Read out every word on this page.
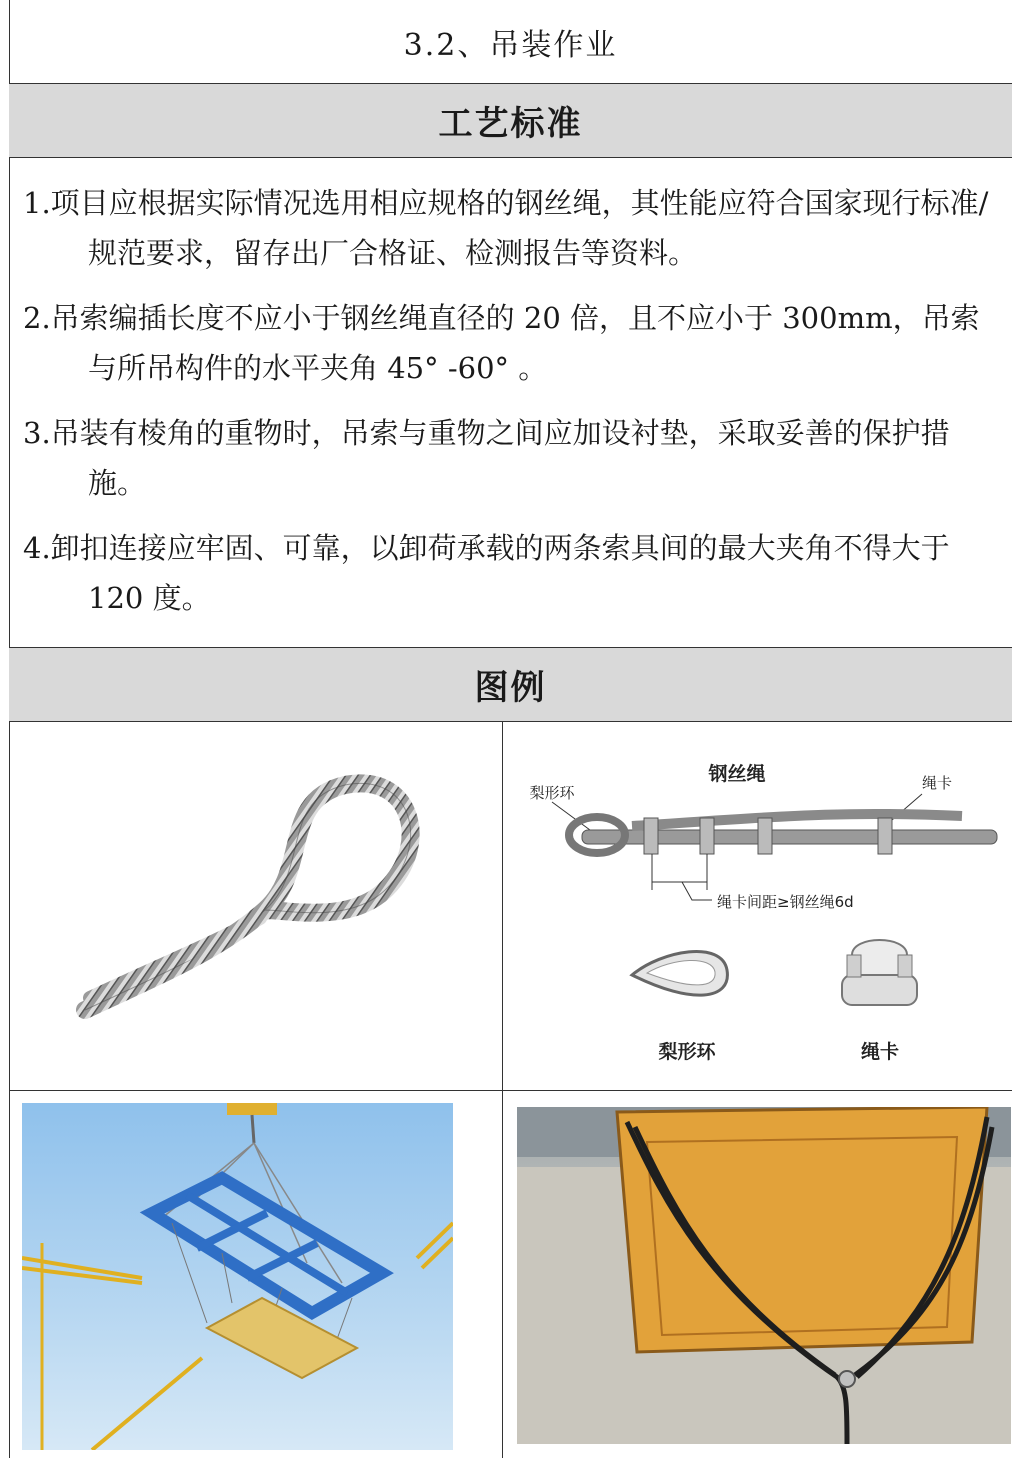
3.2、吊装作业
工艺标准
1.项目应根据实际情况选用相应规格的钢丝绳，其性能应符合国家现行标准/规范要求，留存出厂合格证、检测报告等资料。
2.吊索编插长度不应小于钢丝绳直径的 20 倍，且不应小于 300mm，吊索与所吊构件的水平夹角 45° -60° 。
3.吊装有棱角的重物时，吊索与重物之间应加设衬垫，采取妥善的保护措施。
4.卸扣连接应牢固、可靠，以卸荷承载的两条索具间的最大夹角不得大于 120 度。
图例
钢丝绳
梨形环
绳卡
绳卡间距≥钢丝绳6d
梨形环	绳卡
